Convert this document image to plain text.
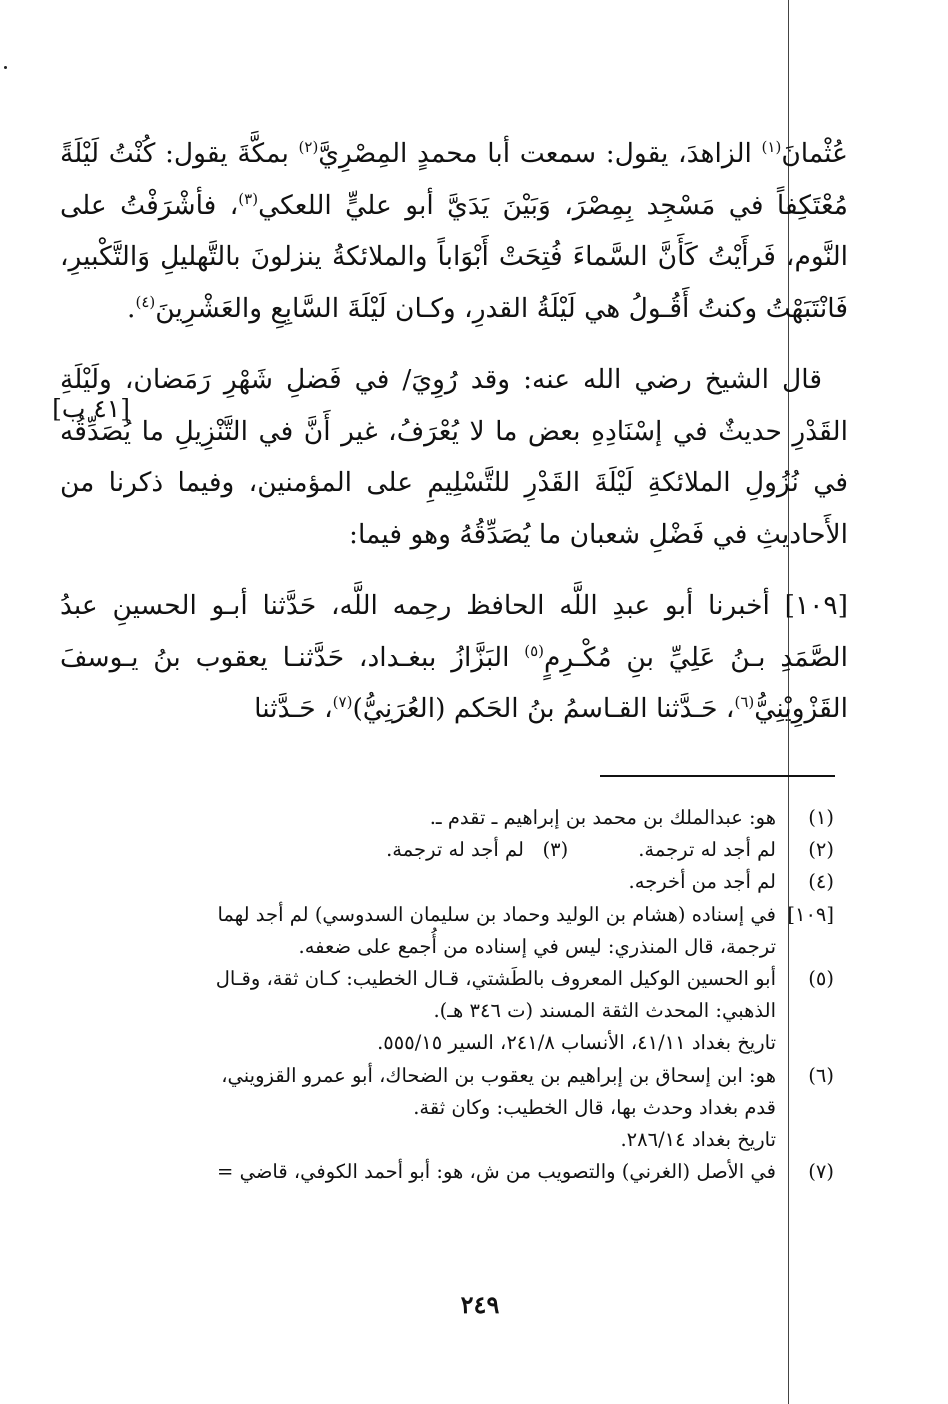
عُثْمانَ$^{(١)}$ الزاهدَ، يقول: سمعت أبا محمدٍ المِصْرِيَّ$^{(٢)}$ بمكَّةَ يقول: كُنْتُ لَيْلَةً مُعْتَكِفاً في مَسْجِد بِمِصْرَ، وَبَيْنَ يَدَيَّ أبو عليٍّ اللعكي$^{(٣)}$، فأشْرَفْتُ على النَّوم، فَرأَيْتُ كَأَنَّ السَّماءَ فُتِحَتْ أَبْوَاباً والملائكةُ ينزلونَ بالتَّهليلِ وَالتَّكْبيرِ، فَانْتَبَهْتُ وكنتُ أَقُـولُ هي لَيْلَةُ القدرِ، وكـان لَيْلَةَ السَّابِعِ والعَشْرِينَ$^{(٤)}$.

قال الشيخ رضي الله عنه: وقد رُوِيَ/ في فَضلِ شَهْرِ رَمَضان، ولَيْلَةِ القَدْرِ حديثٌ في إسْنَادِهِ بعض ما لا يُعْرَفُ، غير أَنَّ في التَّنْزِيلِ ما يُصَدِّقُه في نُزُولِ الملائكةِ لَيْلَةَ القَدْرِ للتَّسْلِيمِ على المؤمنين، وفيما ذكرنا من الأَحاديثِ في فَضْلِ شعبان ما يُصَدِّقُهُ وهو فيما:

[١٠٩] أخبرنا أبو عبدِ اللَّه الحافظ رحِمه اللَّه، حَدَّثنا أبـو الحسينِ عبدُ الصَّمَدِ بـنُ عَلِيِّ بنِ مُكْـرِمٍ$^{(٥)}$ البَزَّازُ ببغـداد، حَدَّثنـا يعقوب بنُ يـوسفَ القَزْوِيْنِيُّ$^{(٦)}$، حَـدَّثنا القـاسمُ بنُ الحَكم (العُرَنِيُّ)$^{(٧)}$، حَـدَّثنا

[٤١ ب]
(١)
هو: عبدالملك بن محمد بن إبراهيم ـ تقدم ـ.
(٢)
لم أجد له ترجمة.(٣)   لم أجد له ترجمة.
(٤)
لم أجد من أخرجه.
[١٠٩]
في إسناده (هشام بن الوليد وحماد بن سليمان السدوسي) لم أجد لهما
ترجمة، قال المنذري: ليس في إسناده من أُجمع على ضعفه.
(٥)
أبو الحسين الوكيل المعروف بالطَشتي، قـال الخطيب: كـان ثقة، وقـال
الذهبي: المحدث الثقة المسند (ت ٣٤٦ هـ).
تاريخ بغداد ٤١/١١، الأنساب ٢٤١/٨، السير ٥٥٥/١٥.
(٦)
هو: ابن إسحاق بن إبراهيم بن يعقوب بن الضحاك، أبو عمرو القزويني،
قدم بغداد وحدث بها، قال الخطيب: وكان ثقة.
تاريخ بغداد ٢٨٦/١٤.
(٧)
في الأصل (الغرني) والتصويب من ش، هو: أبو أحمد الكوفي، قاضي =
٢٤٩
